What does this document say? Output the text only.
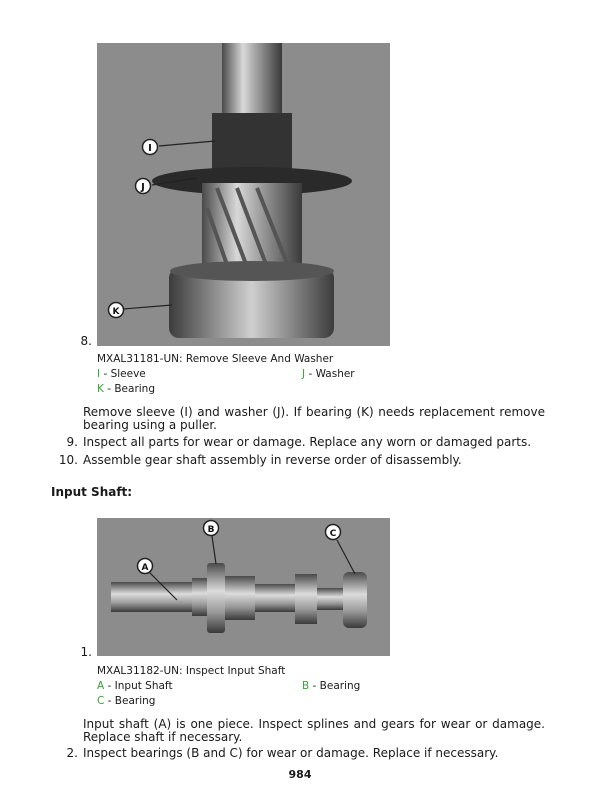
I
J
K
8.
MXAL31181-UN: Remove Sleeve And Washer
I - Sleeve	J - Washer
K - Bearing
Remove sleeve (I) and washer (J). If bearing (K) needs replacement remove bearing using a puller.
9. Inspect all parts for wear or damage. Replace any worn or damaged parts.
10. Assemble gear shaft assembly in reverse order of disassembly.
Input Shaft:
A
B	C
1.
MXAL31182-UN: Inspect Input Shaft
A - Input Shaft	B - Bearing
C - Bearing
Input shaft (A) is one piece. Inspect splines and gears for wear or damage. Replace shaft if necessary.
2. Inspect bearings (B and C) for wear or damage. Replace if necessary.
984
